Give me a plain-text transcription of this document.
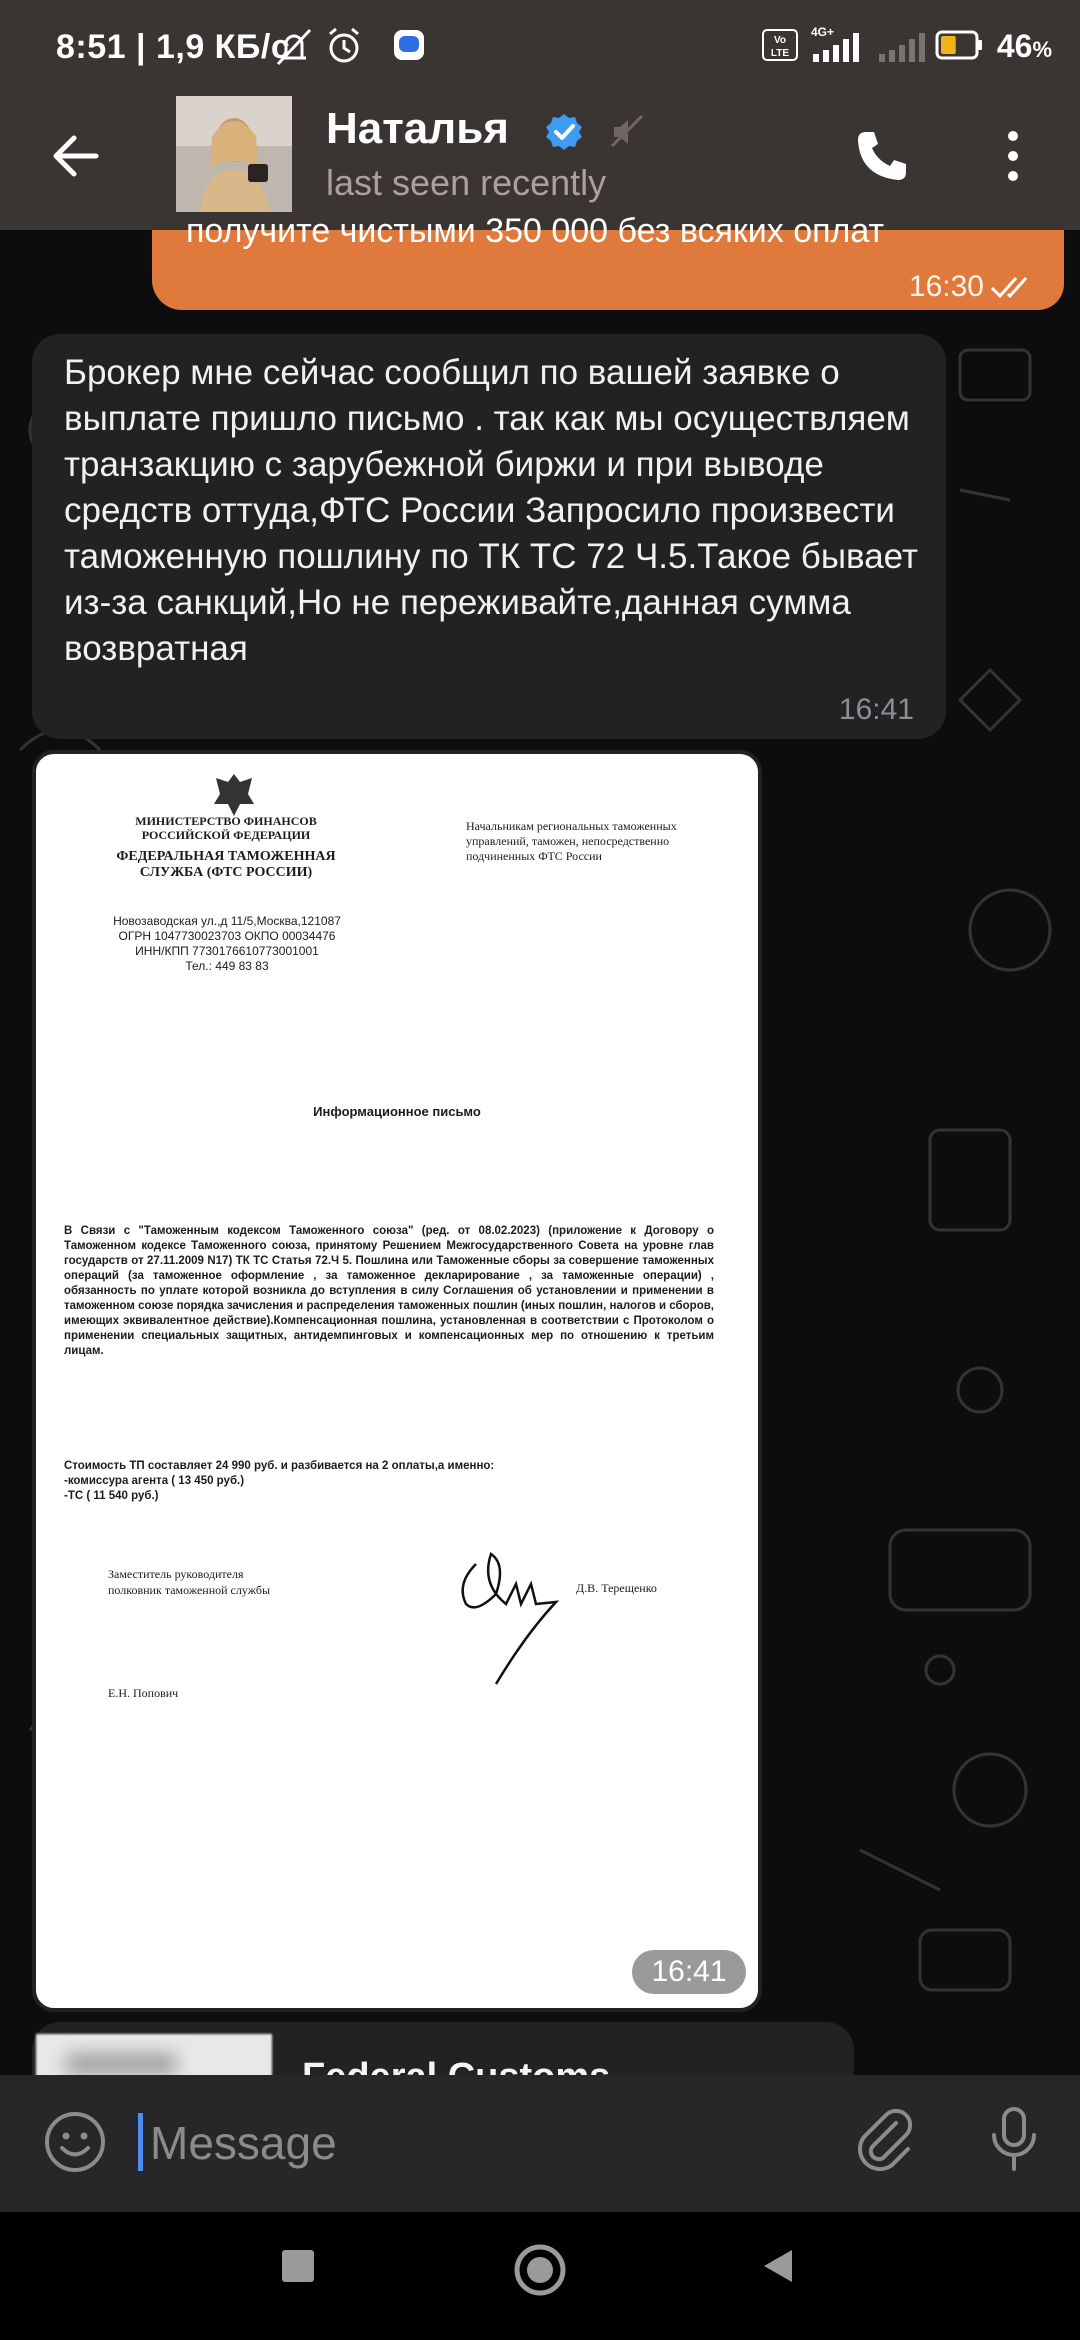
8:51 | 1,9 КБ/с	Vo
LTE
4G+	46%
Наталья
last seen recently
получите чистыми 350 000 без всяких оплат
16:30
Брокер мне сейчас сообщил по вашей заявке о выплате пришло письмо . так как мы осуществляем транзакцию с зарубежной биржи и при выводе средств оттуда,ФТС России Запросило произвести таможенную пошлину по ТК ТС 72 Ч.5.Такое бывает из-за санкций,Но не переживайте,данная сумма возвратная
16:41
МИНИСТЕРСТВО ФИНАНСОВ РОССИЙСКОЙ ФЕДЕРАЦИИ
ФЕДЕРАЛЬНАЯ ТАМОЖЕННАЯ СЛУЖБА (ФТС РОССИИ)
Новозаводская ул.,д 11/5,Москва,121087
ОГРН 1047730023703 ОКПО 00034476
ИНН/КПП 7730176610773001001
Тел.: 449 83 83
Начальникам региональных таможенных управлений, таможен, непосредственно подчиненных ФТС России
Информационное письмо
В Связи с "Таможенным кодексом Таможенного союза" (ред. от 08.02.2023) (приложение к Договору о Таможенном кодексе Таможенного союза, принятому Решением Межгосударственного Совета на уровне глав государств от 27.11.2009 N17) ТК ТС Статья 72.Ч 5. Пошлина или Таможенные сборы за совершение таможенных операций (за таможенное оформление , за таможенное декларирование , за таможенные операции) , обязанность по уплате которой возникла до вступления в силу Соглашения об установлении и применении в таможенном союзе порядка зачисления и распределения таможенных пошлин (иных пошлин, налогов и сборов, имеющих эквивалентное действие).Компенсационная пошлина, установленная в соответствии с Протоколом о применении специальных защитных, антидемпинговых и компенсационных мер по отношению к третьим лицам.
Стоимость ТП составляет 24 990 руб. и разбивается на 2 оплаты,а именно:
-комиссура агента ( 13 450 руб.)
-ТС ( 11 540 руб.)
Заместитель руководителя
полковник таможенной службы	Д.В. Терещенко
Е.Н. Попович
16:41
Message
